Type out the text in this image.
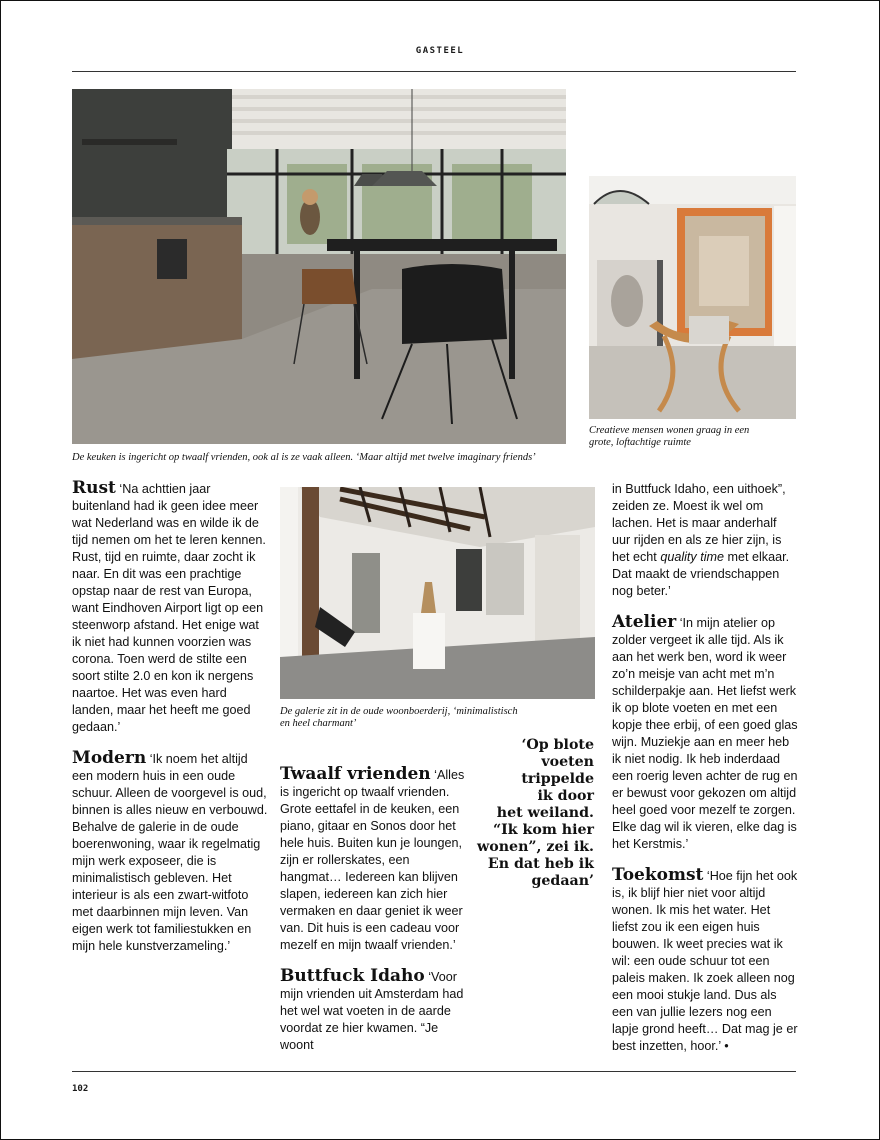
GASTEEL
De keuken is ingericht op twaalf vrienden, ook al is ze vaak alleen. ‘Maar altijd met twelve imaginary friends’
Creatieve mensen wonen graag in een grote, loftachtige ruimte
De galerie zit in de oude woonboerderij, ‘minimalistisch en heel charmant’

Rust ‘Na achttien jaar buitenland had ik geen idee meer wat Nederland was en wilde ik de tijd nemen om het te leren kennen. Rust, tijd en ruimte, daar zocht ik naar. En dit was een prachtige opstap naar de rest van Europa, want Eindhoven Airport ligt op een steenworp afstand. Het enige wat ik niet had kunnen voorzien was corona. Toen werd de stilte een soort stilte 2.0 en kon ik nergens naartoe. Het was even hard landen, maar het heeft me goed gedaan.’

Modern ‘Ik noem het altijd een modern huis in een oude schuur. Alleen de voorgevel is oud, binnen is alles nieuw en verbouwd. Behalve de galerie in de oude boerenwoning, waar ik regelmatig mijn werk exposeer, die is minimalistisch gebleven. Het interieur is als een zwart-witfoto met daarbinnen mijn leven. Van eigen werk tot familiestukken en mijn hele kunstverzameling.’

Twaalf vrienden ‘Alles is ingericht op twaalf vrienden. Grote eettafel in de keuken, een piano, gitaar en Sonos door het hele huis. Buiten kun je loungen, zijn er rollerskates, een hangmat… Iedereen kan blijven slapen, iedereen kan zich hier vermaken en daar geniet ik weer van. Dit huis is een cadeau voor mezelf en mijn twaalf vrienden.’

Buttfuck Idaho ‘Voor mijn vrienden uit Amsterdam had het wel wat voeten in de aarde voordat ze hier kwamen. “Je woont

‘Op blote
voeten
trippelde
ik door
het weiland.
“Ik kom hier
wonen”, zei ik.
En dat heb ik
gedaan’

in Buttfuck Idaho, een uithoek”, zeiden ze. Moest ik wel om lachen. Het is maar anderhalf uur rijden en als ze hier zijn, is het echt quality time met elkaar. Dat maakt de vriendschappen nog beter.’

Atelier ‘In mijn atelier op zolder vergeet ik alle tijd. Als ik aan het werk ben, word ik weer zo’n meisje van acht met m’n schilderpakje aan. Het liefst werk ik op blote voeten en met een kopje thee erbij, of een goed glas wijn. Muziekje aan en meer heb ik niet nodig. Ik heb inderdaad een roerig leven achter de rug en er bewust voor gekozen om altijd heel goed voor mezelf te zorgen. Elke dag wil ik vieren, elke dag is het Kerstmis.’

Toekomst ‘Hoe fijn het ook is, ik blijf hier niet voor altijd wonen. Ik mis het water. Het liefst zou ik een eigen huis bouwen. Ik weet precies wat ik wil: een oude schuur tot een paleis maken. Ik zoek alleen nog een mooi stukje land. Dus als een van jullie lezers nog een lapje grond heeft… Dat mag je er best inzetten, hoor.’ •

102
